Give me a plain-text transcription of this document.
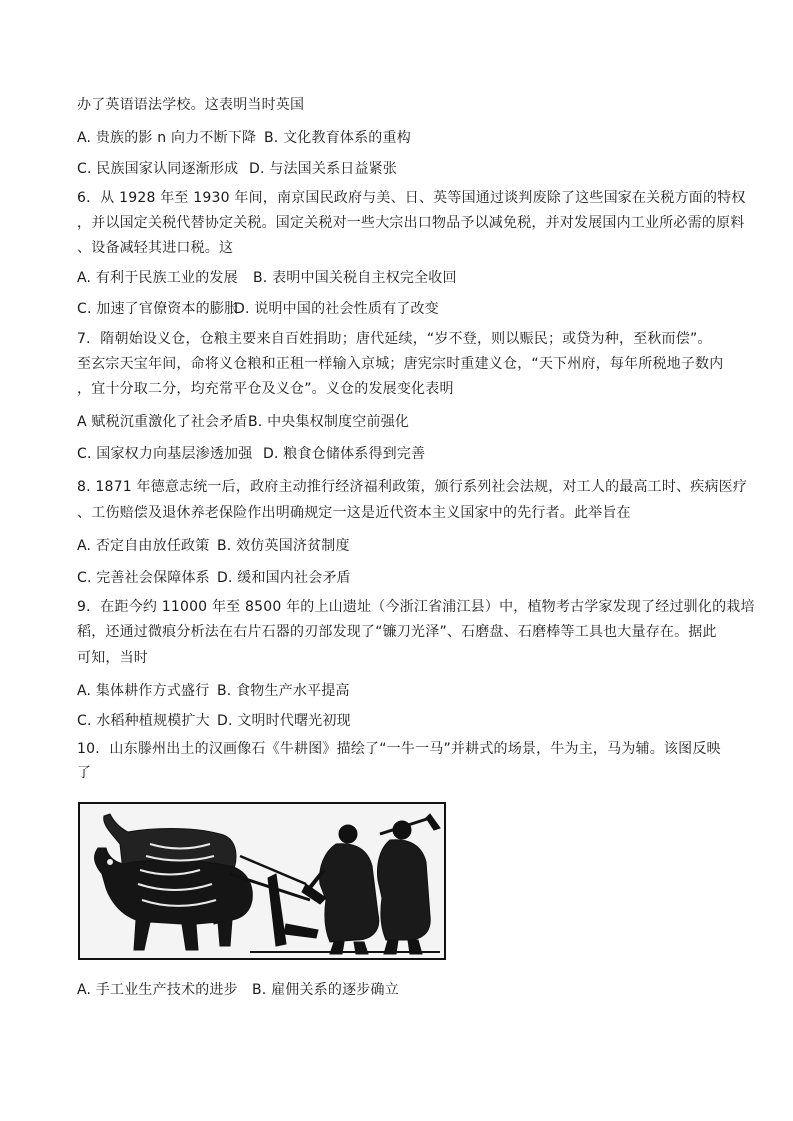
办了英语语法学校。这表明当时英国
A. 贵族的影 n 向力不断下降 B. 文化教育体系的重构
C. 民族国家认同逐渐形成 D. 与法国关系日益紧张
6．从 1928 年至 1930 年间，南京国民政府与美、日、英等国通过谈判废除了这些国家在关税方面的特权
，并以国定关税代替协定关税。国定关税对一些大宗出口物品予以减免税，并对发展国内工业所必需的原料
、设备减轻其进口税。这
A. 有利于民族工业的发展 B. 表明中国关税自主权完全收回
C. 加速了官僚资本的膨胀
D. 说明中国的社会性质有了改变
7．隋朝始设义仓，仓粮主要来自百姓捐助；唐代延续，“岁不登，则以赈民；或贷为种，至秋而偿”。
至玄宗天宝年间，命将义仓粮和正租一样输入京城；唐宪宗时重建义仓，“天下州府，每年所税地子数内
，宜十分取二分，均充常平仓及义仓”。义仓的发展变化表明
A 赋税沉重激化了社会矛盾 B. 中央集权制度空前强化
C. 国家权力向基层渗透加强 D. 粮食仓储体系得到完善
8. 1871 年德意志统一后，政府主动推行经济福利政策，颁行系列社会法规，对工人的最高工时、疾病医疗
、工伤赔偿及退休养老保险作出明确规定一这是近代资本主义国家中的先行者。此举旨在
A. 否定自由放任政策 B. 效仿英国济贫制度
C. 完善社会保障体系 D. 缓和国内社会矛盾
9．在距今约 11000 年至 8500 年的上山遗址（今浙江省浦江县）中，植物考古学家发现了经过驯化的栽培
稻，还通过微痕分析法在右片石器的刃部发现了“镰刀光泽”、石磨盘、石磨棒等工具也大量存在。据此
可知，当时
A. 集体耕作方式盛行 B. 食物生产水平提高
C. 水稻种植规模扩大 D. 文明时代曙光初现
10．山东滕州出土的汉画像石《牛耕图》描绘了“一牛一马”并耕式的场景，牛为主，马为辅。该图反映
了
A. 手工业生产技术的进步 B. 雇佣关系的逐步确立
